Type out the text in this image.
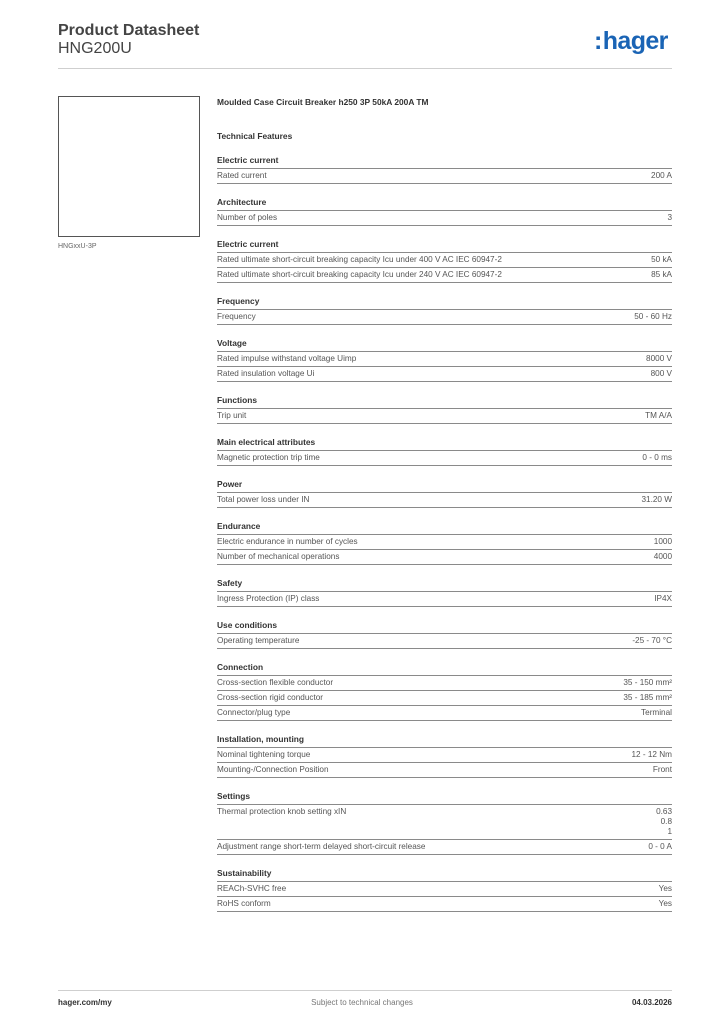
Product Datasheet
HNG200U	:hager
HNGxxU-3P
Moulded Case Circuit Breaker h250 3P 50kA 200A TM
Technical Features
Electric current
Rated current	200 A
Architecture
Number of poles	3
Electric current
Rated ultimate short-circuit breaking capacity Icu under 400 V AC IEC 60947-2	50 kA
Rated ultimate short-circuit breaking capacity Icu under 240 V AC IEC 60947-2	85 kA
Frequency
Frequency	50 - 60 Hz
Voltage
Rated impulse withstand voltage Uimp	8000 V
Rated insulation voltage Ui	800 V
Functions
Trip unit	TM A/A
Main electrical attributes
Magnetic protection trip time	0 - 0 ms
Power
Total power loss under IN	31.20 W
Endurance
Electric endurance in number of cycles	1000
Number of mechanical operations	4000
Safety
Ingress Protection (IP) class	IP4X
Use conditions
Operating temperature	-25 - 70 °C
Connection
Cross-section flexible conductor	35 - 150 mm²
Cross-section rigid conductor	35 - 185 mm²
Connector/plug type	Terminal
Installation, mounting
Nominal tightening torque	12 - 12 Nm
Mounting-/Connection Position	Front
Settings
Thermal protection knob setting xIN	0.63
0.8
1
Adjustment range short-term delayed short-circuit release	0 - 0 A
Sustainability
REACh-SVHC free	Yes
RoHS conform	Yes
hager.com/my	Subject to technical changes	04.03.2026
